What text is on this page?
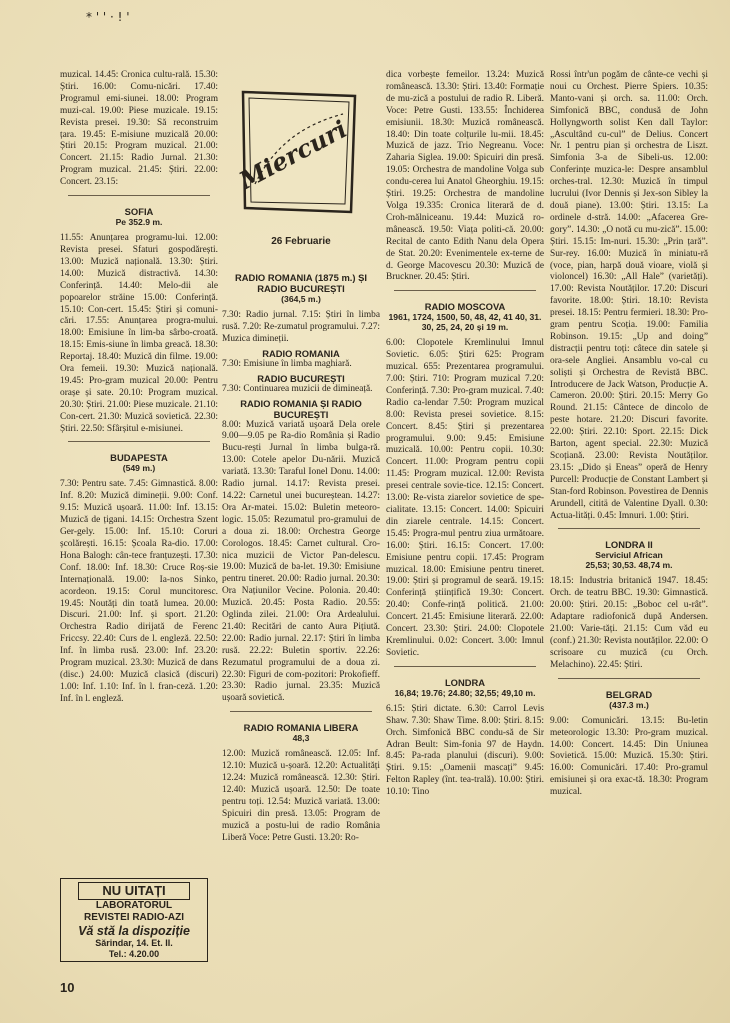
* ' ' · ! '

muzical. 14.45: Cronica cultu-rală. 15.30: Știri. 16.00: Comu-nicări. 17.40: Programul emi-siunei. 18.00: Program muzi-cal. 19.00: Piese muzicale. 19.15: Revista presei. 19.30: Să reconstruim țara. 19.45: E-misiune muzicală 20.00: Știri 20.15: Program muzical. 21.00: Concert. 21.15: Radio Jurnal. 21.30: Program muzical. 21.45: Știri. 22.00: Concert. 23.15:

SOFIA
Pe 352.9 m.

11.55: Anunțarea programu-lui. 12.00: Revista presei. Sfaturi gospodărești. 13.00: Muzică națională. 13.30: Știri. 14.00: Muzică distractivă. 14.30: Conferință. 14.40: Melo-dii ale popoarelor străine 15.00: Conferință. 15.10: Con-cert. 15.45: Știri și comuni-cări. 17.55: Anunțarea progra-mului. 18.00: Emisiune în lim-ba sârbo-croată. 18.15: Emis-siune în limba greacă. 18.30: Reportaj. 18.40: Muzică din filme. 19.00: Ora femeii. 19.30: Muzică națională. 19.45: Pro-gram muzical 20.00: Pentru orașe și sate. 20.10: Program muzical. 20.30: Știri. 21.00: Piese muzicale. 21.10: Con-cert. 21.30: Muzică sovietică. 22.30: Știri. 22.50: Sfârșitul e-misiunei.

BUDAPESTA
(549 m.)

7.30: Pentru sate. 7.45: Gimnastică. 8.00: Inf. 8.20: Muzică dimineții. 9.00: Conf. 9.15: Muzică ușoară. 11.00: Inf. 13.15: Muzică de țigani. 14.15: Orchestra Szent Ger-gely. 15.00: Inf. 15.10: Coruri școlărești. 16.15: Școala Ra-dio. 17.00: Hona Balogh: cân-tece franțuzești. 17.30: Conf. 18.00: Inf. 18.30: Cruce Roș-sie Internațională. 19.00: Ia-nos Sinko, acordeon. 19.15: Corul muncitoresc. 19.45: Noutăți din toată lumea. 20.00: Discuri. 21.00: Inf. și sport. 21.20: Orchestra Radio dirijată de Ferenc Friccsy. 22.40: Curs de l. engleză. 22.50: Inf. în limba rusă. 23.00: Inf. 23.20: Program muzical. 23.30: Muzică de dans (disc.) 24.00: Muzică clasică (discuri) 1.00: Inf. 1.10: Inf. în l. fran-ceză. 1.20: Inf. în l. engleză.

NU UITAȚI
LABORATORUL
REVISTEI RADIO-AZI
Vă stă la dispoziție
Sărindar, 14. Et. II.
Tel.: 4.20.00
Miercuri
26 Februarie
RADIO ROMANIA (1875 m.) ȘI RADIO BUCUREȘTI
(364,5 m.)

7.30: Radio jurnal. 7.15: Știri în limba rusă. 7.20: Re-zumatul programului. 7.27: Muzica dimineții.

RADIO ROMANIA

7.30: Emisiune în limba maghiară.

RADIO BUCUREȘTI

7.30: Continuarea muzicii de dimineață.

RADIO ROMANIA ȘI RADIO BUCUREȘTI

8.00: Muzică variată ușoară Dela orele 9.00—9.05 pe Ra-dio România și Radio Bucu-rești Jurnal în limba bulga-ră. 13.00: Cotele apelor Du-nării. Muzică variată. 13.30: Taraful Ionel Donu. 14.00: Radio jurnal. 14.17: Revista presei. 14.22: Carnetul unei bucureștean. 14.27: Ora Ar-matei. 15.02: Buletin meteoro-logic. 15.05: Rezumatul pro-gramului de a doua zi. 18.00: Orchestra George Corologos. 18.45: Carnet cultural. Cro-nica muzicii de Victor Pan-delescu. 19.00: Muzică de ba-let. 19.30: Emisiune pentru tineret. 20.00: Radio jurnal. 20.30: Ora Națiunilor Vecine. Polonia. 20.40: Muzică. 20.45: Posta Radio. 20.55: Oglinda zilei. 21.00: Ora Ardealului. 21.40: Recitări de canto Aura Pițiută. 22.00: Radio jurnal. 22.17: Știri în limba rusă. 22.22: Buletin sportiv. 22.26: Rezumatul programului de a doua zi. 22.30: Figuri de com-pozitori: Prokofieff. 23.30: Radio jurnal. 23.35: Muzică ușoară sovietică.

RADIO ROMANIA LIBERA
48,3

12.00: Muzică românească. 12.05: Inf. 12.10: Muzică u-șoară. 12.20: Actualități 12.24: Muzică românească. 12.30: Știri. 12.40: Muzică ușoară. 12.50: De toate pentru toți. 12.54: Muzică variată. 13.00: Spicuiri din presă. 13.05: Program de muzică a postu-lui de radio România Liberă Voce: Petre Gusti. 13.20: Ro-

dica vorbește femeilor. 13.24: Muzică românească. 13.30: Știri. 13.40: Formație de mu-zică a postului de radio R. Liberă. Voce: Petre Gusti. 133.55: Închiderea emisiunii. 18.30: Muzică românească. 18.40: Din toate colțurile lu-mii. 18.45: Muzică de jazz. Trio Negreanu. Voce: Zaharia Siglea. 19.00: Spicuiri din presă. 19.05: Orchestra de mandoline Volga sub condu-cerea lui Anatol Gheorghiu. 19.15: Știri. 19.25: Orchestra de mandoline Volga 19.335: Cronica literară de d. Croh-mălniceanu. 19.44: Muzică ro-mânească. 19.50: Viața politi-că. 20.00: Recital de canto Edith Nanu dela Opera de Stat. 20.20: Evenimentele ex-terne de d. George Macovescu 20.30: Muzică de Bruckner. 20.45: Știri.

RADIO MOSCOVA
1961, 1724, 1500, 50, 48, 42, 41 40, 31. 30, 25, 24, 20 și 19 m.

6.00: Clopotele Kremlinului Imnul Sovietic. 6.05: Știri 625: Program muzical. 655: Prezentarea programului. 7.00: Știri. 710: Program muzical 7.20: Conferință. 7.30: Pro-gram muzical. 7.40: Radio ca-lendar 7.50: Program muzical 8.00: Revista presei sovietice. 8.15: Concert. 8.45: Știri și prezentarea programului. 9.00: 9.45: Emisiune muzicală. 10.00: Pentru copii. 10.30: Concert. 11.00: Program pentru copii 11.45: Program muzical. 12.00: Revista presei centrale sovie-tice. 12.15: Concert. 13.00: Re-vista ziarelor sovietice de spe-cialitate. 13.15: Concert. 14.00: Spicuiri din ziarele centrale. 14.15: Concert. 15.45: Progra-mul pentru ziua următoare. 16.00: Știri. 16.15: Concert. 17.00: Emisiune pentru copii. 17.45: Program muzical. 18.00: Emisiune pentru tineret. 19.00: Știri și programul de seară. 19.15: Conferință științifică 19.30: Concert. 20.40: Confe-rință politică. 21.00: Concert. 21.45: Emisiune literară. 22.00: Concert. 23.30: Știri. 24.00: Clopotele Kremlinului. 0.02: Concert. 3.00: Imnul Sovietic.

LONDRA
16,84; 19.76; 24.80; 32,55; 49,10 m.

6.15: Știri dictate. 6.30: Carrol Levis Shaw. 7.30: Shaw Time. 8.00: Știri. 8.15: Orch. Simfonică BBC condu-să de Sir Adran Beult: Sim-fonia 97 de Haydn. 8.45: Pa-rada planului (discuri). 9.00: Știri. 9.15: „Oamenii mascați” 9.45: Felton Rapley (înt. tea-trală). 10.00: Știri. 10.10: Tino

Rossi într'un pogăm de cânte-ce vechi și noui cu Orchest. Pierre Spiers. 10.35: Manto-vani și orch. sa. 11.00: Orch. Simfonică BBC, condusă de John Hollyngworth solist Ken dall Taylor: „Ascultând cu-cul” de Delius. Concert Nr. 1 pentru pian și orchestra de Liszt. Simfonia 3-a de Sibeli-us. 12.00: Conferințe muzica-le: Despre ansamblul orches-tral. 12.30: Muzică în timpul lucrului (Ivor Dennis și Jex-son Sibley la două piane). 13.00: Știri. 13.15: La ordinele d-stră. 14.00: „Afacerea Gre-gory”. 14.30: „O notă cu mu-zică”. 15.00: Știri. 15.15: Im-nuri. 15.30: „Prin țară”. Sur-rey. 16.00: Muzică în miniatu-ră (voce, pian, harpă două vioare, violă și violoncel) 16.30: „All Hale” (varietăți). 17.00: Revista Noutăților. 17.20: Discuri favorite. 18.00: Știri. 18.10: Revista presei. 18.15: Pentru fermieri. 18.30: Pro-gram pentru Scoția. 19.00: Familia Robinson. 19.15: „Up and doing” distracții pentru toți: câtece din satele și ora-sele Angliei. Ansamblu vo-cal cu soliști și Orchestra de Revistă BBC. Introducere de Jack Watson, Producție A. Cameron. 20.00: Știri. 20.15: Merry Go Round. 21.15: Cântece de dincolo de peste hotare. 21.20: Discuri favorite. 22.00: Știri. 22.10: Sport. 22.15: Dick Barton, agent special. 22.30: Muzică Scoțiană. 23.00: Revista Noutăților. 23.15: „Dido și Eneas” operă de Henry Purcell: Producție de Constant Lambert și Stan-ford Robinson. Povestirea de Dennis Arundell, cititä de Valentine Dyall. 0.30: Actua-lități. 0.45: Imnuri. 1.00: Știri.

LONDRA II
Serviciul African
25,53; 30,53. 48,74 m.

18.15: Industria britanică 1947. 18.45: Orch. de teatru BBC. 19.30: Gimnastică. 20.00: Știri. 20.15: „Boboc cel u-rât”. Adaptare radiofonică după Andersen. 21.00: Varie-tăți. 21.15: Cum văd eu (conf.) 21.30: Revista noutăților. 22.00: O scrisoare cu muzică (cu Orch. Melachino). 22.45: Știri.

BELGRAD
(437.3 m.)

9.00: Comunicări. 13.15: Bu-letin meteorologic 13.30: Pro-gram muzical. 14.00: Concert. 14.45: Din Uniunea Sovietică. 15.00: Muzică. 15.30: Știri. 16.00: Comunicări. 17.40: Pro-gramul emisiunei și ora exac-tă. 18.30: Program muzical.

10
